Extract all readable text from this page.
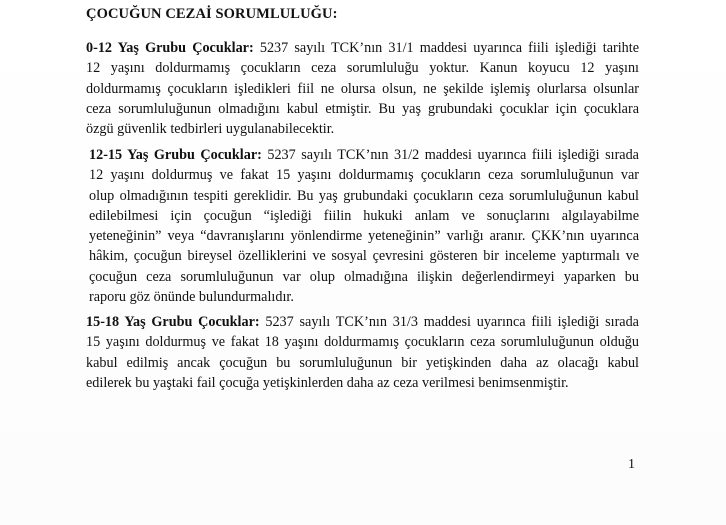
ÇOCUĞUN CEZAİ SORUMLULUĞU:
0-12 Yaş Grubu Çocuklar: 5237 sayılı TCK’nın 31/1 maddesi uyarınca fiili işlediği tarihte
12 yaşını doldurmamış çocukların ceza sorumluluğu yoktur. Kanun koyucu 12 yaşını
doldurmamış çocukların işledikleri fiil ne olursa olsun, ne şekilde işlemiş olurlarsa olsunlar
ceza sorumluluğunun olmadığını kabul etmiştir. Bu yaş grubundaki çocuklar için çocuklara
özgü güvenlik tedbirleri uygulanabilecektir.
12-15 Yaş Grubu Çocuklar: 5237 sayılı TCK’nın 31/2 maddesi uyarınca fiili işlediği sırada
12 yaşını doldurmuş ve fakat 15 yaşını doldurmamış çocukların ceza sorumluluğunun var
olup olmadığının tespiti gereklidir. Bu yaş grubundaki çocukların ceza sorumluluğunun kabul
edilebilmesi için çocuğun “işlediği fiilin hukuki anlam ve sonuçlarını algılayabilme
yeteneğinin” veya “davranışlarını yönlendirme yeteneğinin” varlığı aranır. ÇKK’nın uyarınca
hâkim, çocuğun bireysel özelliklerini ve sosyal çevresini gösteren bir inceleme yaptırmalı ve
çocuğun ceza sorumluluğunun var olup olmadığına ilişkin değerlendirmeyi yaparken bu
raporu göz önünde bulundurmalıdır.
15-18 Yaş Grubu Çocuklar: 5237 sayılı TCK’nın 31/3 maddesi uyarınca fiili işlediği sırada
15 yaşını doldurmuş ve fakat 18 yaşını doldurmamış çocukların ceza sorumluluğunun olduğu
kabul edilmiş ancak çocuğun bu sorumluluğunun bir yetişkinden daha az olacağı kabul
edilerek bu yaştaki fail çocuğa yetişkinlerden daha az ceza verilmesi benimsenmiştir.
1
